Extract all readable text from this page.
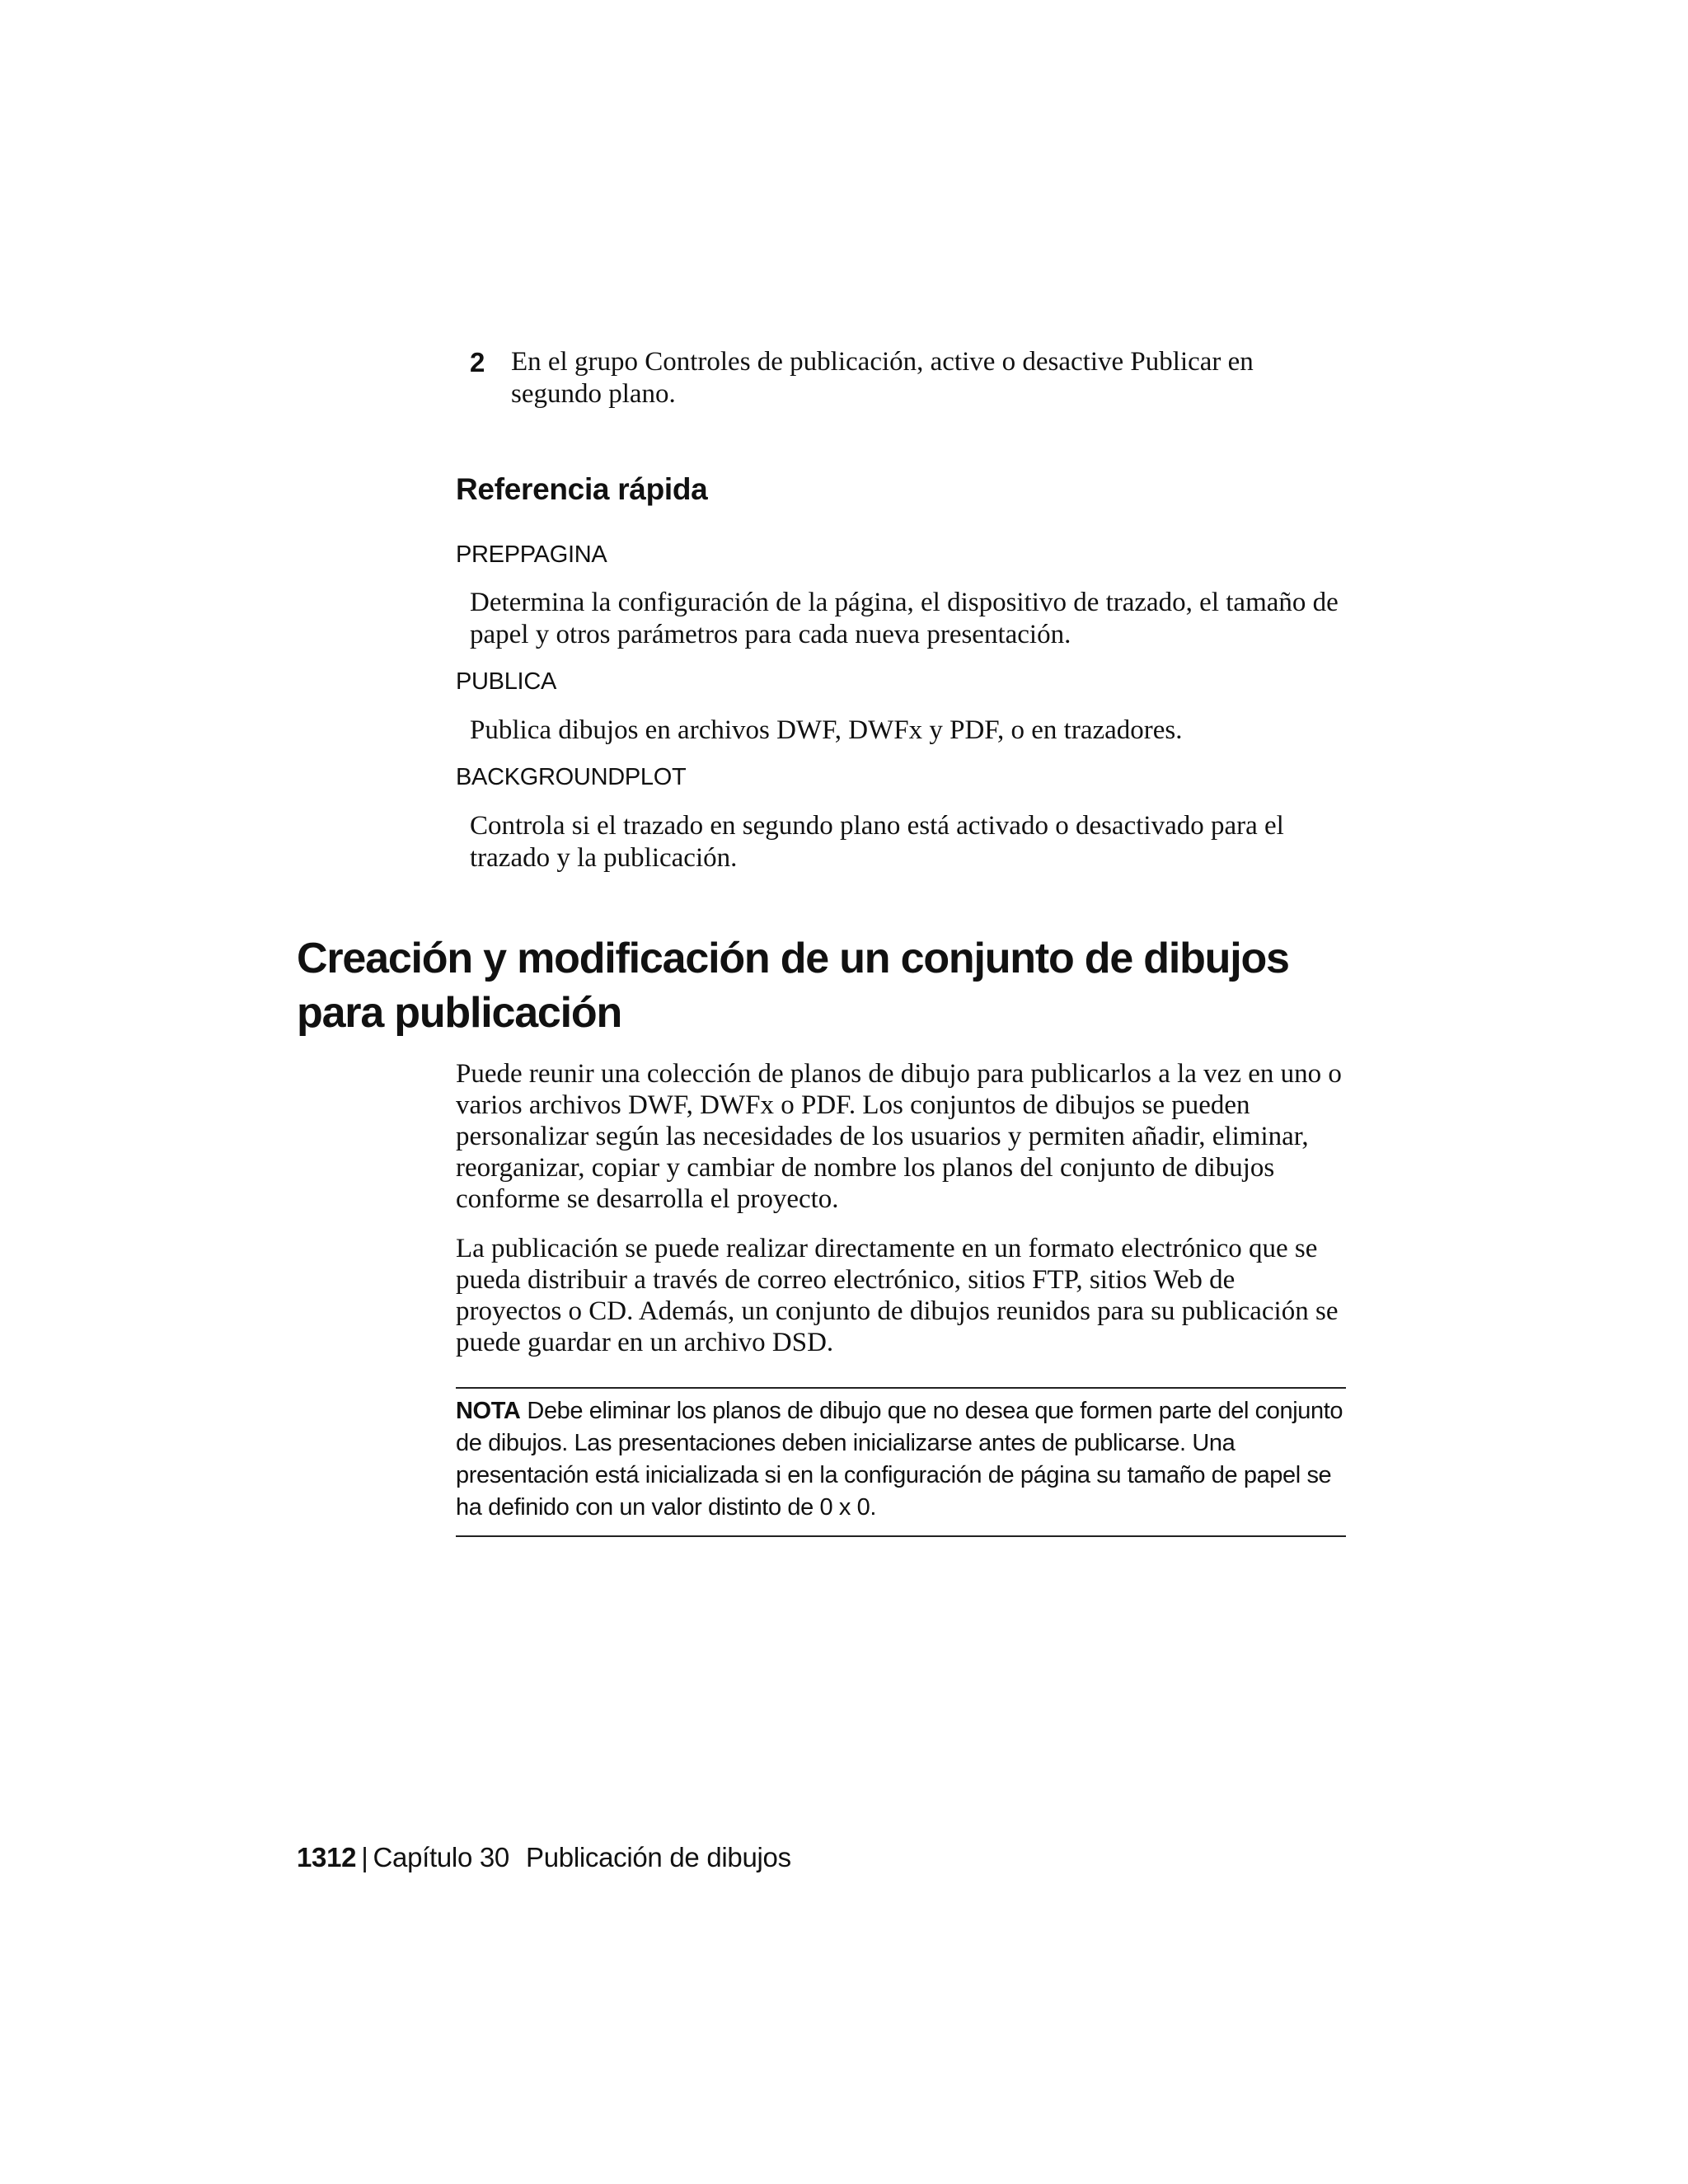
2 En el grupo Controles de publicación, active o desactive Publicar en segundo plano.
Referencia rápida
PREPPAGINA
Determina la configuración de la página, el dispositivo de trazado, el tamaño de papel y otros parámetros para cada nueva presentación.
PUBLICA
Publica dibujos en archivos DWF, DWFx y PDF, o en trazadores.
BACKGROUNDPLOT
Controla si el trazado en segundo plano está activado o desactivado para el trazado y la publicación.
Creación y modificación de un conjunto de dibujos para publicación

Puede reunir una colección de planos de dibujo para publicarlos a la vez en uno o varios archivos DWF, DWFx o PDF. Los conjuntos de dibujos se pueden personalizar según las necesidades de los usuarios y permiten añadir, eliminar, reorganizar, copiar y cambiar de nombre los planos del conjunto de dibujos conforme se desarrolla el proyecto.

La publicación se puede realizar directamente en un formato electrónico que se pueda distribuir a través de correo electrónico, sitios FTP, sitios Web de proyectos o CD. Además, un conjunto de dibujos reunidos para su publicación se puede guardar en un archivo DSD.

NOTA Debe eliminar los planos de dibujo que no desea que formen parte del conjunto de dibujos. Las presentaciones deben inicializarse antes de publicarse. Una presentación está inicializada si en la configuración de página su tamaño de papel se ha definido con un valor distinto de 0 x 0.
1312 | Capítulo 30 Publicación de dibujos
